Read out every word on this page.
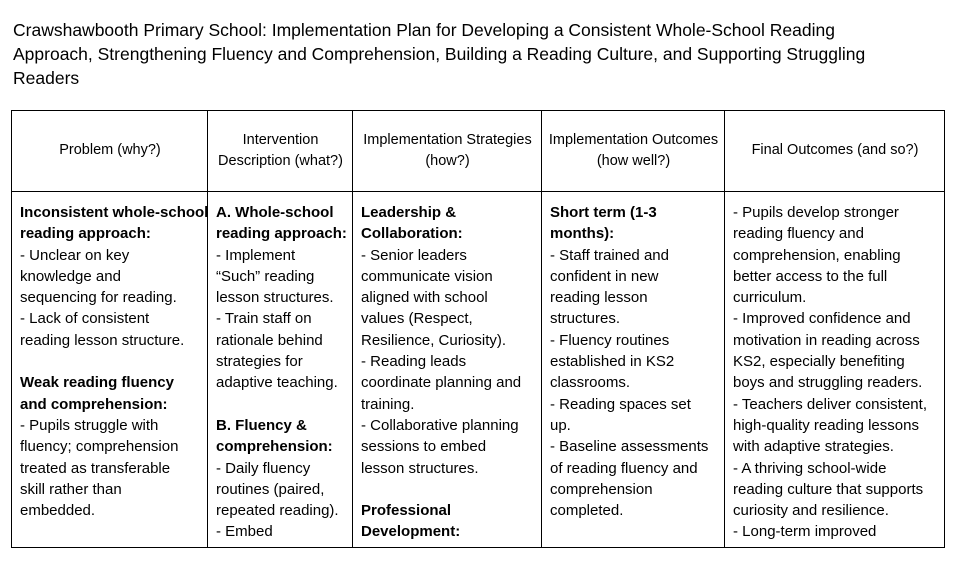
Crawshawbooth Primary School: Implementation Plan for Developing a Consistent Whole-School Reading Approach, Strengthening Fluency and Comprehension, Building a Reading Culture, and Supporting Struggling Readers
Problem (why?)
Intervention Description (what?)
Implementation Strategies (how?)
Implementation Outcomes (how well?)
Final Outcomes (and so?)
Inconsistent whole-school
reading approach:
- Unclear on key
knowledge and
sequencing for reading.
- Lack of consistent
reading lesson structure.
Weak reading fluency
and comprehension:
- Pupils struggle with
fluency; comprehension
treated as transferable
skill rather than
embedded.
A. Whole-school
reading approach:
- Implement
“Such” reading
lesson structures.
- Train staff on
rationale behind
strategies for
adaptive teaching.
B. Fluency &
comprehension:
- Daily fluency
routines (paired,
repeated reading).
- Embed
Leadership &
Collaboration:
- Senior leaders
communicate vision
aligned with school
values (Respect,
Resilience, Curiosity).
- Reading leads
coordinate planning and
training.
- Collaborative planning
sessions to embed
lesson structures.
Professional
Development:
Short term (1-3
months):
- Staff trained and
confident in new
reading lesson
structures.
- Fluency routines
established in KS2
classrooms.
- Reading spaces set
up.
- Baseline assessments
of reading fluency and
comprehension
completed.
- Pupils develop stronger
reading fluency and
comprehension, enabling
better access to the full
curriculum.
- Improved confidence and
motivation in reading across
KS2, especially benefiting
boys and struggling readers.
- Teachers deliver consistent,
high-quality reading lessons
with adaptive strategies.
- A thriving school-wide
reading culture that supports
curiosity and resilience.
- Long-term improved
